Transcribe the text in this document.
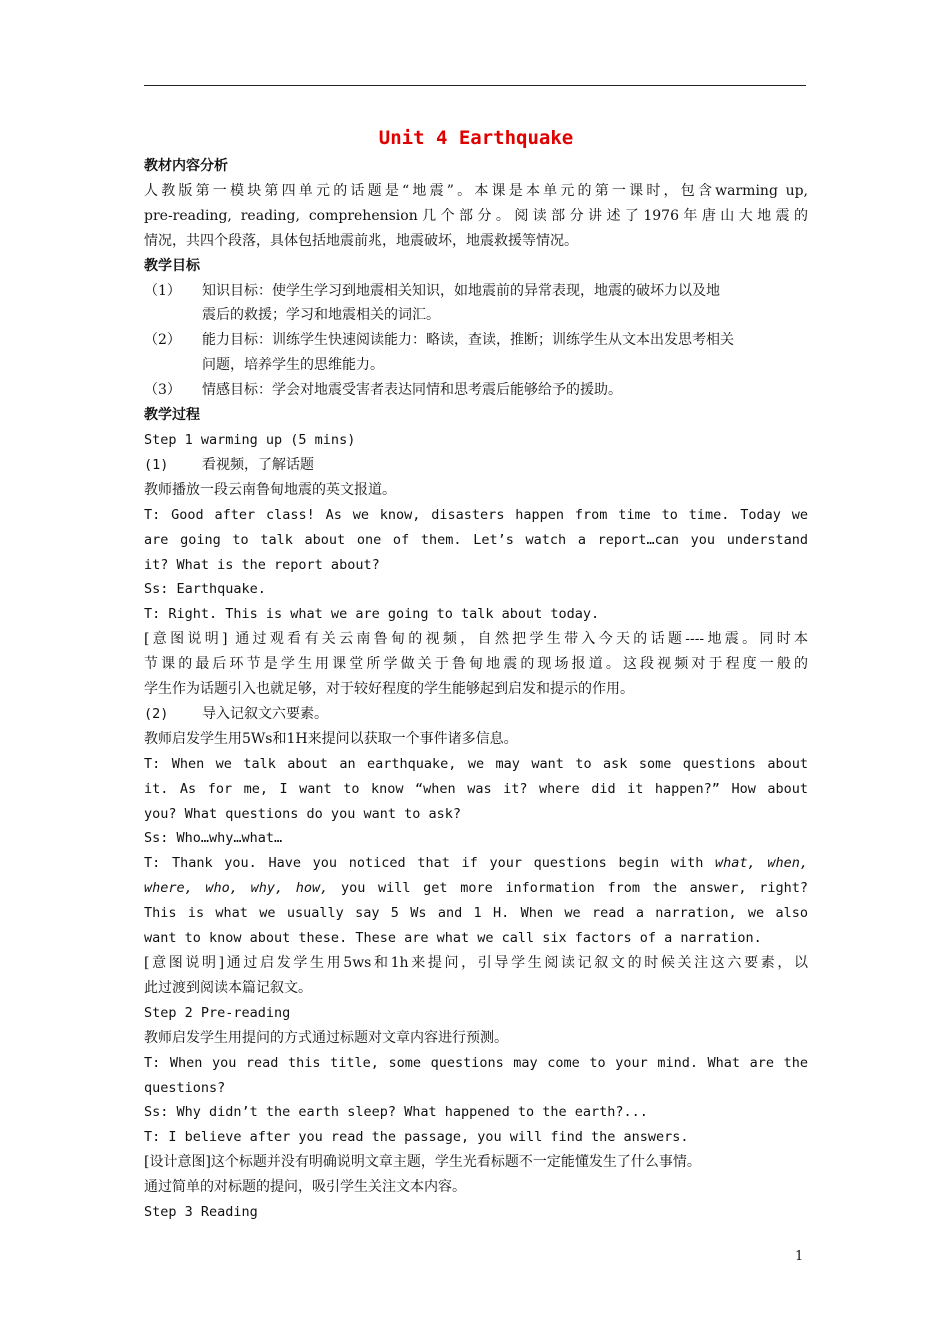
Unit 4 Earthquake
教材内容分析
人教版第一模块第四单元的话题是“地震”。本课是本单元的第一课时，包含warming up,
pre-reading, reading, comprehension几个部分。阅读部分讲述了1976年唐山大地震的
情况，共四个段落，具体包括地震前兆，地震破坏，地震救援等情况。
教学目标
（1） 知识目标：使学生学习到地震相关知识，如地震前的异常表现，地震的破坏力以及地
震后的救援；学习和地震相关的词汇。
（2） 能力目标：训练学生快速阅读能力：略读，查读，推断；训练学生从文本出发思考相关
问题，培养学生的思维能力。
（3） 情感目标：学会对地震受害者表达同情和思考震后能够给予的援助。
教学过程
Step 1 warming up (5 mins)
(1) 看视频，了解话题
教师播放一段云南鲁甸地震的英文报道。
T: Good after class! As we know, disasters happen from time to time. Today we
are going to talk about one of them. Let’s watch a report…can you understand
it? What is the report about?
Ss: Earthquake.
T: Right. This is what we are going to talk about today.
[意图说明] 通过观看有关云南鲁甸的视频，自然把学生带入今天的话题----地震。同时本
节课的最后环节是学生用课堂所学做关于鲁甸地震的现场报道。这段视频对于程度一般的
学生作为话题引入也就足够，对于较好程度的学生能够起到启发和提示的作用。
(2) 导入记叙文六要素。
教师启发学生用5Ws和1H来提问以获取一个事件诸多信息。
T: When we talk about an earthquake, we may want to ask some questions about
it. As for me, I want to know “when was it? where did it happen?” How about
you? What questions do you want to ask?
Ss: Who…why…what…
T: Thank you. Have you noticed that if your questions begin with what, when,
where, who, why, how, you will get more information from the answer, right?
This is what we usually say 5 Ws and 1 H. When we read a narration, we also
want to know about these. These are what we call six factors of a narration.
[意图说明]通过启发学生用5ws和1h来提问，引导学生阅读记叙文的时候关注这六要素，以
此过渡到阅读本篇记叙文。
Step 2 Pre-reading
教师启发学生用提问的方式通过标题对文章内容进行预测。
T: When you read this title, some questions may come to your mind. What are the
questions?
Ss: Why didn’t the earth sleep? What happened to the earth?...
T: I believe after you read the passage, you will find the answers.
[设计意图]这个标题并没有明确说明文章主题，学生光看标题不一定能懂发生了什么事情。
通过简单的对标题的提问，吸引学生关注文本内容。
Step 3 Reading
1
